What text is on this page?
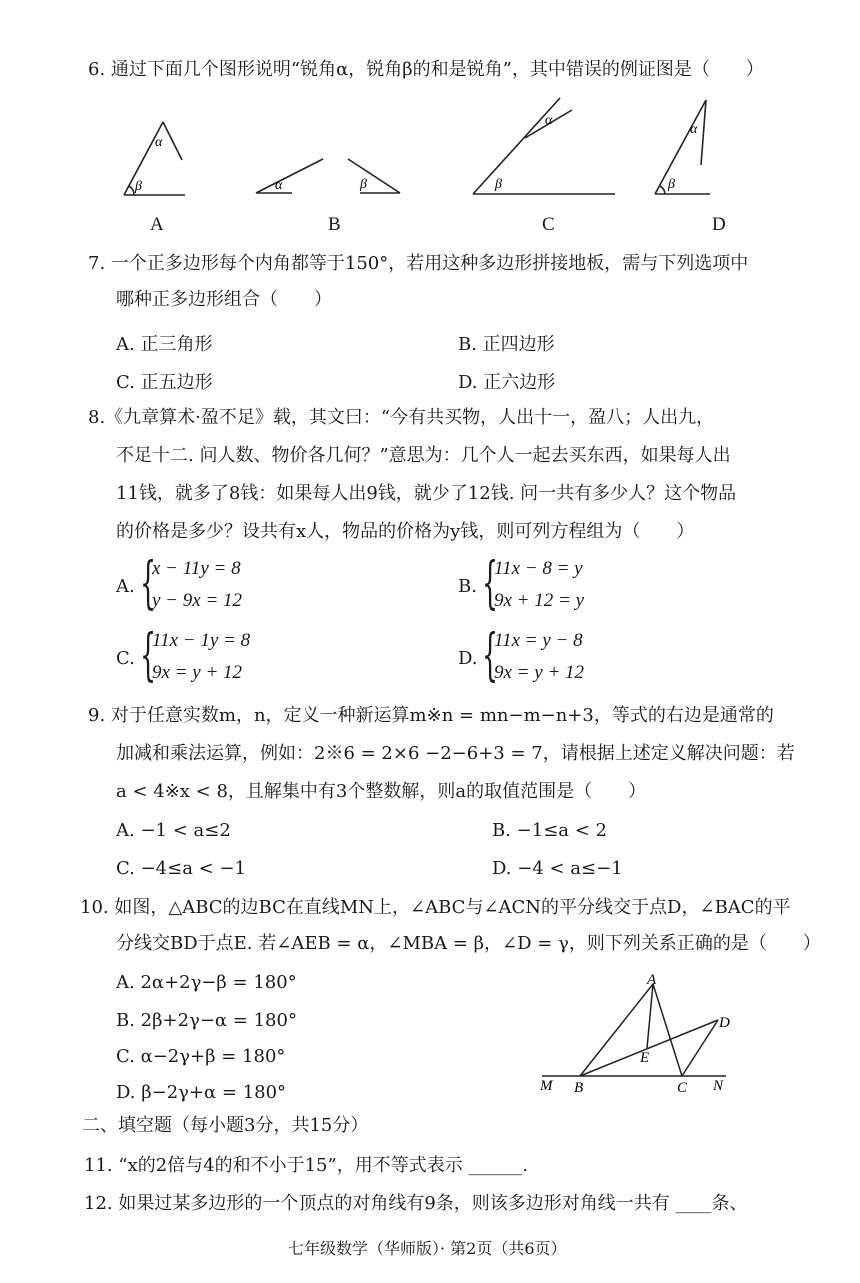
6. 通过下面几个图形说明“锐角α，锐角β的和是锐角”，其中错误的例证图是（　　）
α
β	α	β
α
β
α
β
A	B	C	D
7. 一个正多边形每个内角都等于150°，若用这种多边形拼接地板，需与下列选项中
哪种正多边形组合（　　）
A. 正三角形	B. 正四边形
C. 正五边形	D. 正六边形
8.《九章算术·盈不足》载，其文曰：“今有共买物，人出十一，盈八；人出九，
不足十二. 问人数、物价各几何？”意思为：几个人一起去买东西，如果每人出
11钱，就多了8钱：如果每人出9钱，就少了12钱. 问一共有多少人？这个物品
的价格是多少？设共有x人，物品的价格为y钱，则可列方程组为（　　）
A. {
x − 11y = 8
y − 9x = 12
B. {
11x − 8 = y
9x + 12 = y
C. {
11x − 1y = 8
9x = y + 12
D. {
11x = y − 8
9x = y + 12
9. 对于任意实数m，n，定义一种新运算m※n = mn−m−n+3，等式的右边是通常的
加减和乘法运算，例如：2※6 = 2×6 −2−6+3 = 7，请根据上述定义解决问题：若
a < 4※x < 8，且解集中有3个整数解，则a的取值范围是（　　）
A. −1 < a≤2	B. −1≤a < 2
C. −4≤a < −1	D. −4 < a≤−1
10. 如图，△ABC的边BC在直线MN上，∠ABC与∠ACN的平分线交于点D，∠BAC的平
分线交BD于点E. 若∠AEB = α，∠MBA = β，∠D = γ，则下列关系正确的是（　　）
A. 2α+2γ−β = 180°
B. 2β+2γ−α = 180°
C. α−2γ+β = 180°
D. β−2γ+α = 180°
A
B	C
D
E
M	N
二、填空题（每小题3分，共15分）
11. “x的2倍与4的和不小于15”，用不等式表示 ______.
12. 如果过某多边形的一个顶点的对角线有9条，则该多边形对角线一共有 ____条、
七年级数学（华师版）· 第2页（共6页）
